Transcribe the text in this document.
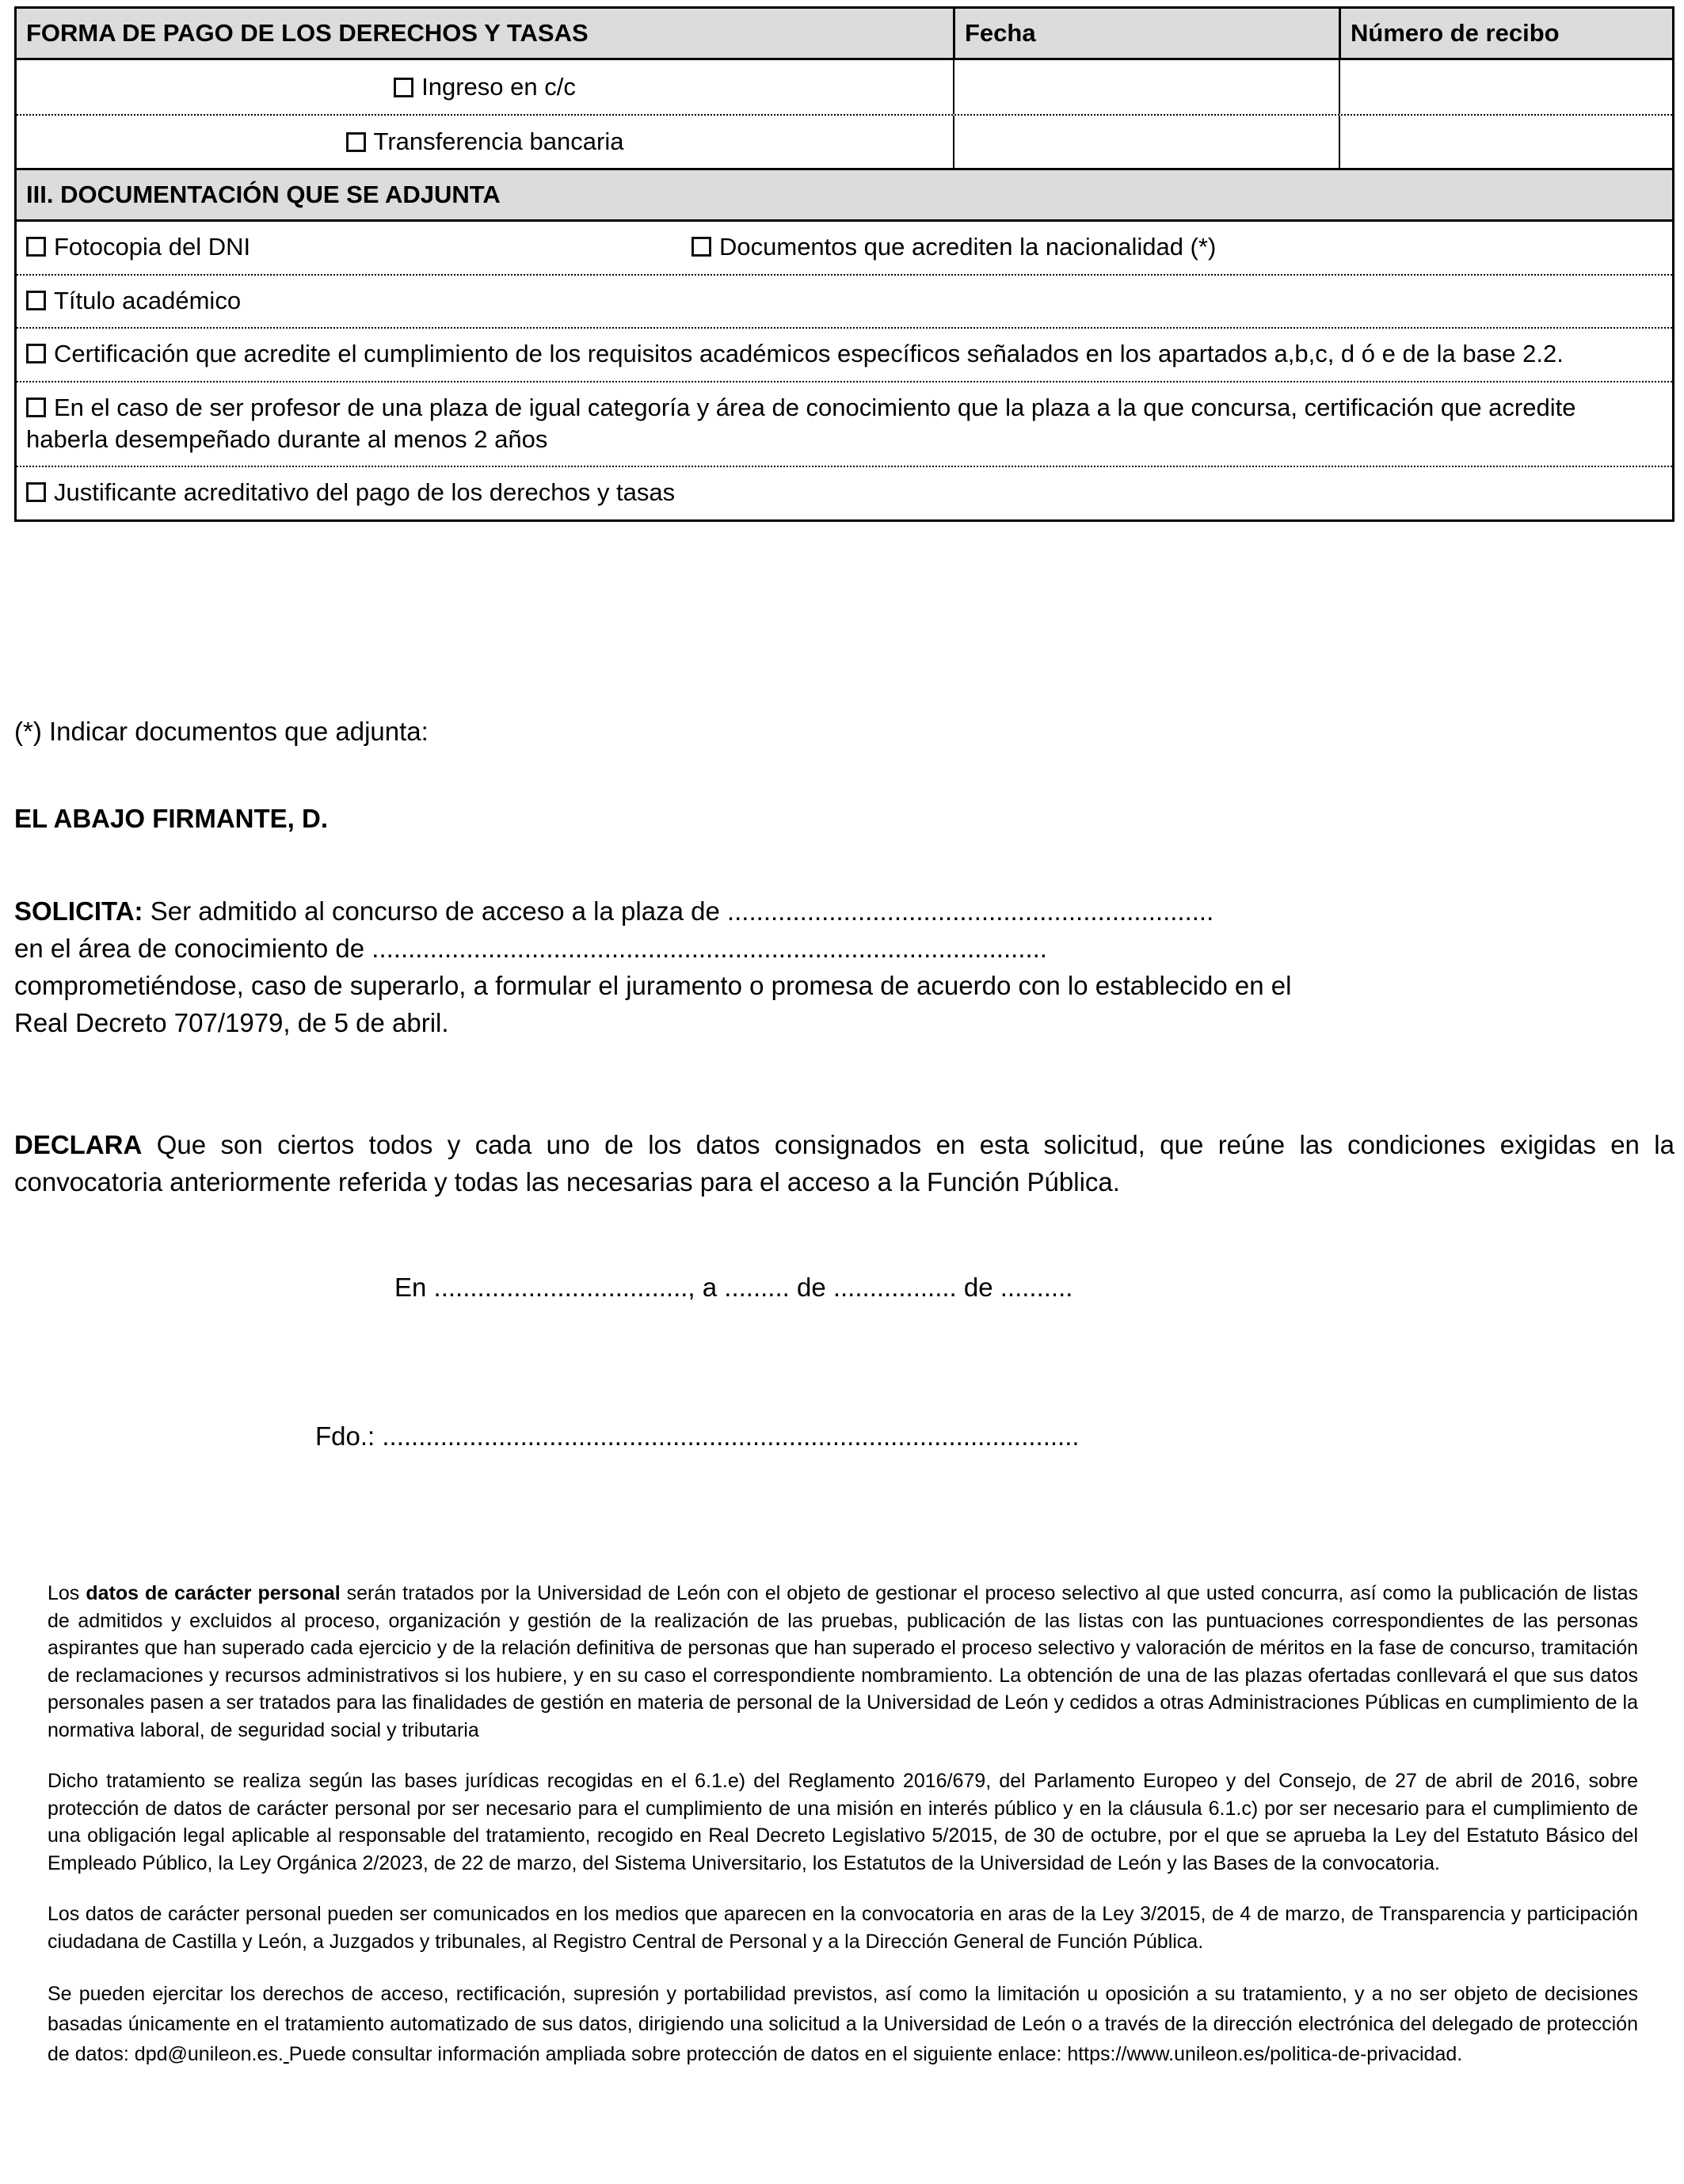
FORMA DE PAGO DE LOS DERECHOS Y TASAS	Fecha	Número de recibo
Ingreso en c/c
Transferencia bancaria
III. DOCUMENTACIÓN QUE SE ADJUNTA
Fotocopia del DNI	Documentos que acrediten la nacionalidad (*)
Título académico
Certificación que acredite el cumplimiento de los requisitos académicos específicos señalados en los apartados a,b,c, d ó e de la base 2.2.
En el caso de ser profesor de una plaza de igual categoría y área de conocimiento que la plaza a la que concursa, certificación que acredite haberla desempeñado durante al menos 2 años
Justificante acreditativo del pago de los derechos y tasas

(*) Indicar documentos que adjunta:

EL ABAJO FIRMANTE, D.

SOLICITA: Ser admitido al concurso de acceso a la plaza de ...................................................................
en el área de conocimiento de .............................................................................................
comprometiéndose, caso de superarlo, a formular el juramento o promesa de acuerdo con lo establecido en el
Real Decreto 707/1979, de 5 de abril.

DECLARA Que son ciertos todos y cada uno de los datos consignados en esta solicitud, que reúne las condiciones exigidas en la convocatoria anteriormente referida y todas las necesarias para el acceso a la Función Pública.

En ..................................., a ......... de ................. de ..........

Fdo.: ................................................................................................

Los datos de carácter personal serán tratados por la Universidad de León con el objeto de gestionar el proceso selectivo al que usted concurra, así como la publicación de listas de admitidos y excluidos al proceso, organización y gestión de la realización de las pruebas, publicación de las listas con las puntuaciones correspondientes de las personas aspirantes que han superado cada ejercicio y de la relación definitiva de personas que han superado el proceso selectivo y valoración de méritos en la fase de concurso, tramitación de reclamaciones y recursos administrativos si los hubiere, y en su caso el correspondiente nombramiento. La obtención de una de las plazas ofertadas conllevará el que sus datos personales pasen a ser tratados para las finalidades de gestión en materia de personal de la Universidad de León y cedidos a otras Administraciones Públicas en cumplimiento de la normativa laboral, de seguridad social y tributaria

Dicho tratamiento se realiza según las bases jurídicas recogidas en el 6.1.e) del Reglamento 2016/679, del Parlamento Europeo y del Consejo, de 27 de abril de 2016, sobre protección de datos de carácter personal por ser necesario para el cumplimiento de una misión en interés público y en la cláusula 6.1.c) por ser necesario para el cumplimiento de una obligación legal aplicable al responsable del tratamiento, recogido en Real Decreto Legislativo 5/2015, de 30 de octubre, por el que se aprueba la Ley del Estatuto Básico del Empleado Público, la Ley Orgánica 2/2023, de 22 de marzo, del Sistema Universitario, los Estatutos de la Universidad de León y las Bases de la convocatoria.

Los datos de carácter personal pueden ser comunicados en los medios que aparecen en la convocatoria en aras de la Ley 3/2015, de 4 de marzo, de Transparencia y participación ciudadana de Castilla y León, a Juzgados y tribunales, al Registro Central de Personal y a la Dirección General de Función Pública.

Se pueden ejercitar los derechos de acceso, rectificación, supresión y portabilidad previstos, así como la limitación u oposición a su tratamiento, y a no ser objeto de decisiones basadas únicamente en el tratamiento automatizado de sus datos, dirigiendo una solicitud a la Universidad de León o a través de la dirección electrónica del delegado de protección de datos: dpd@unileon.es. Puede consultar información ampliada sobre protección de datos en el siguiente enlace: https://www.unileon.es/politica-de-privacidad.
